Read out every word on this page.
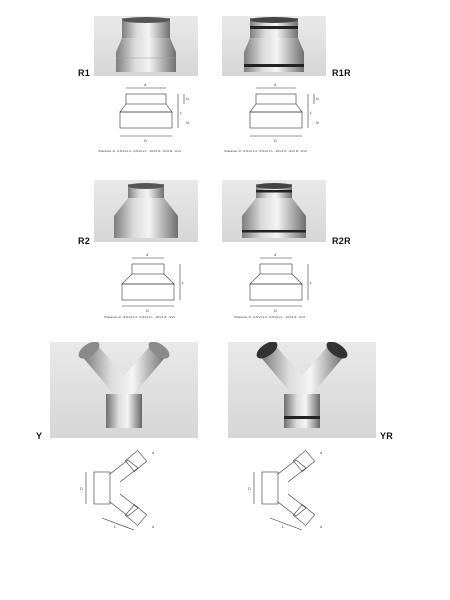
R1
d
D
L
l1
l2
Tolerance: D: -0,5/+0,2 d: -0,5/+0,2 L: -10/+5 l1: -3/+5 l2: -3/+5
R1R
d
D
L
l1
l2
Tolerance: D: -0,5/+0,2 d: -0,5/+0,2 L: -10/+5 l1: -3/+5 l2: -3/+5
R2
d
D
L
Tolerance: D: -0,5/+0,2 d: -0,5/+0,2 L: -10/+5 l1: -3/+5
R2R
d
D
L
Tolerance: D: -0,5/+0,2 d: -0,5/+0,2 L: -10/+5 l1: -3/+5
Y
D
d
d
L
YR
D
d
d
L
